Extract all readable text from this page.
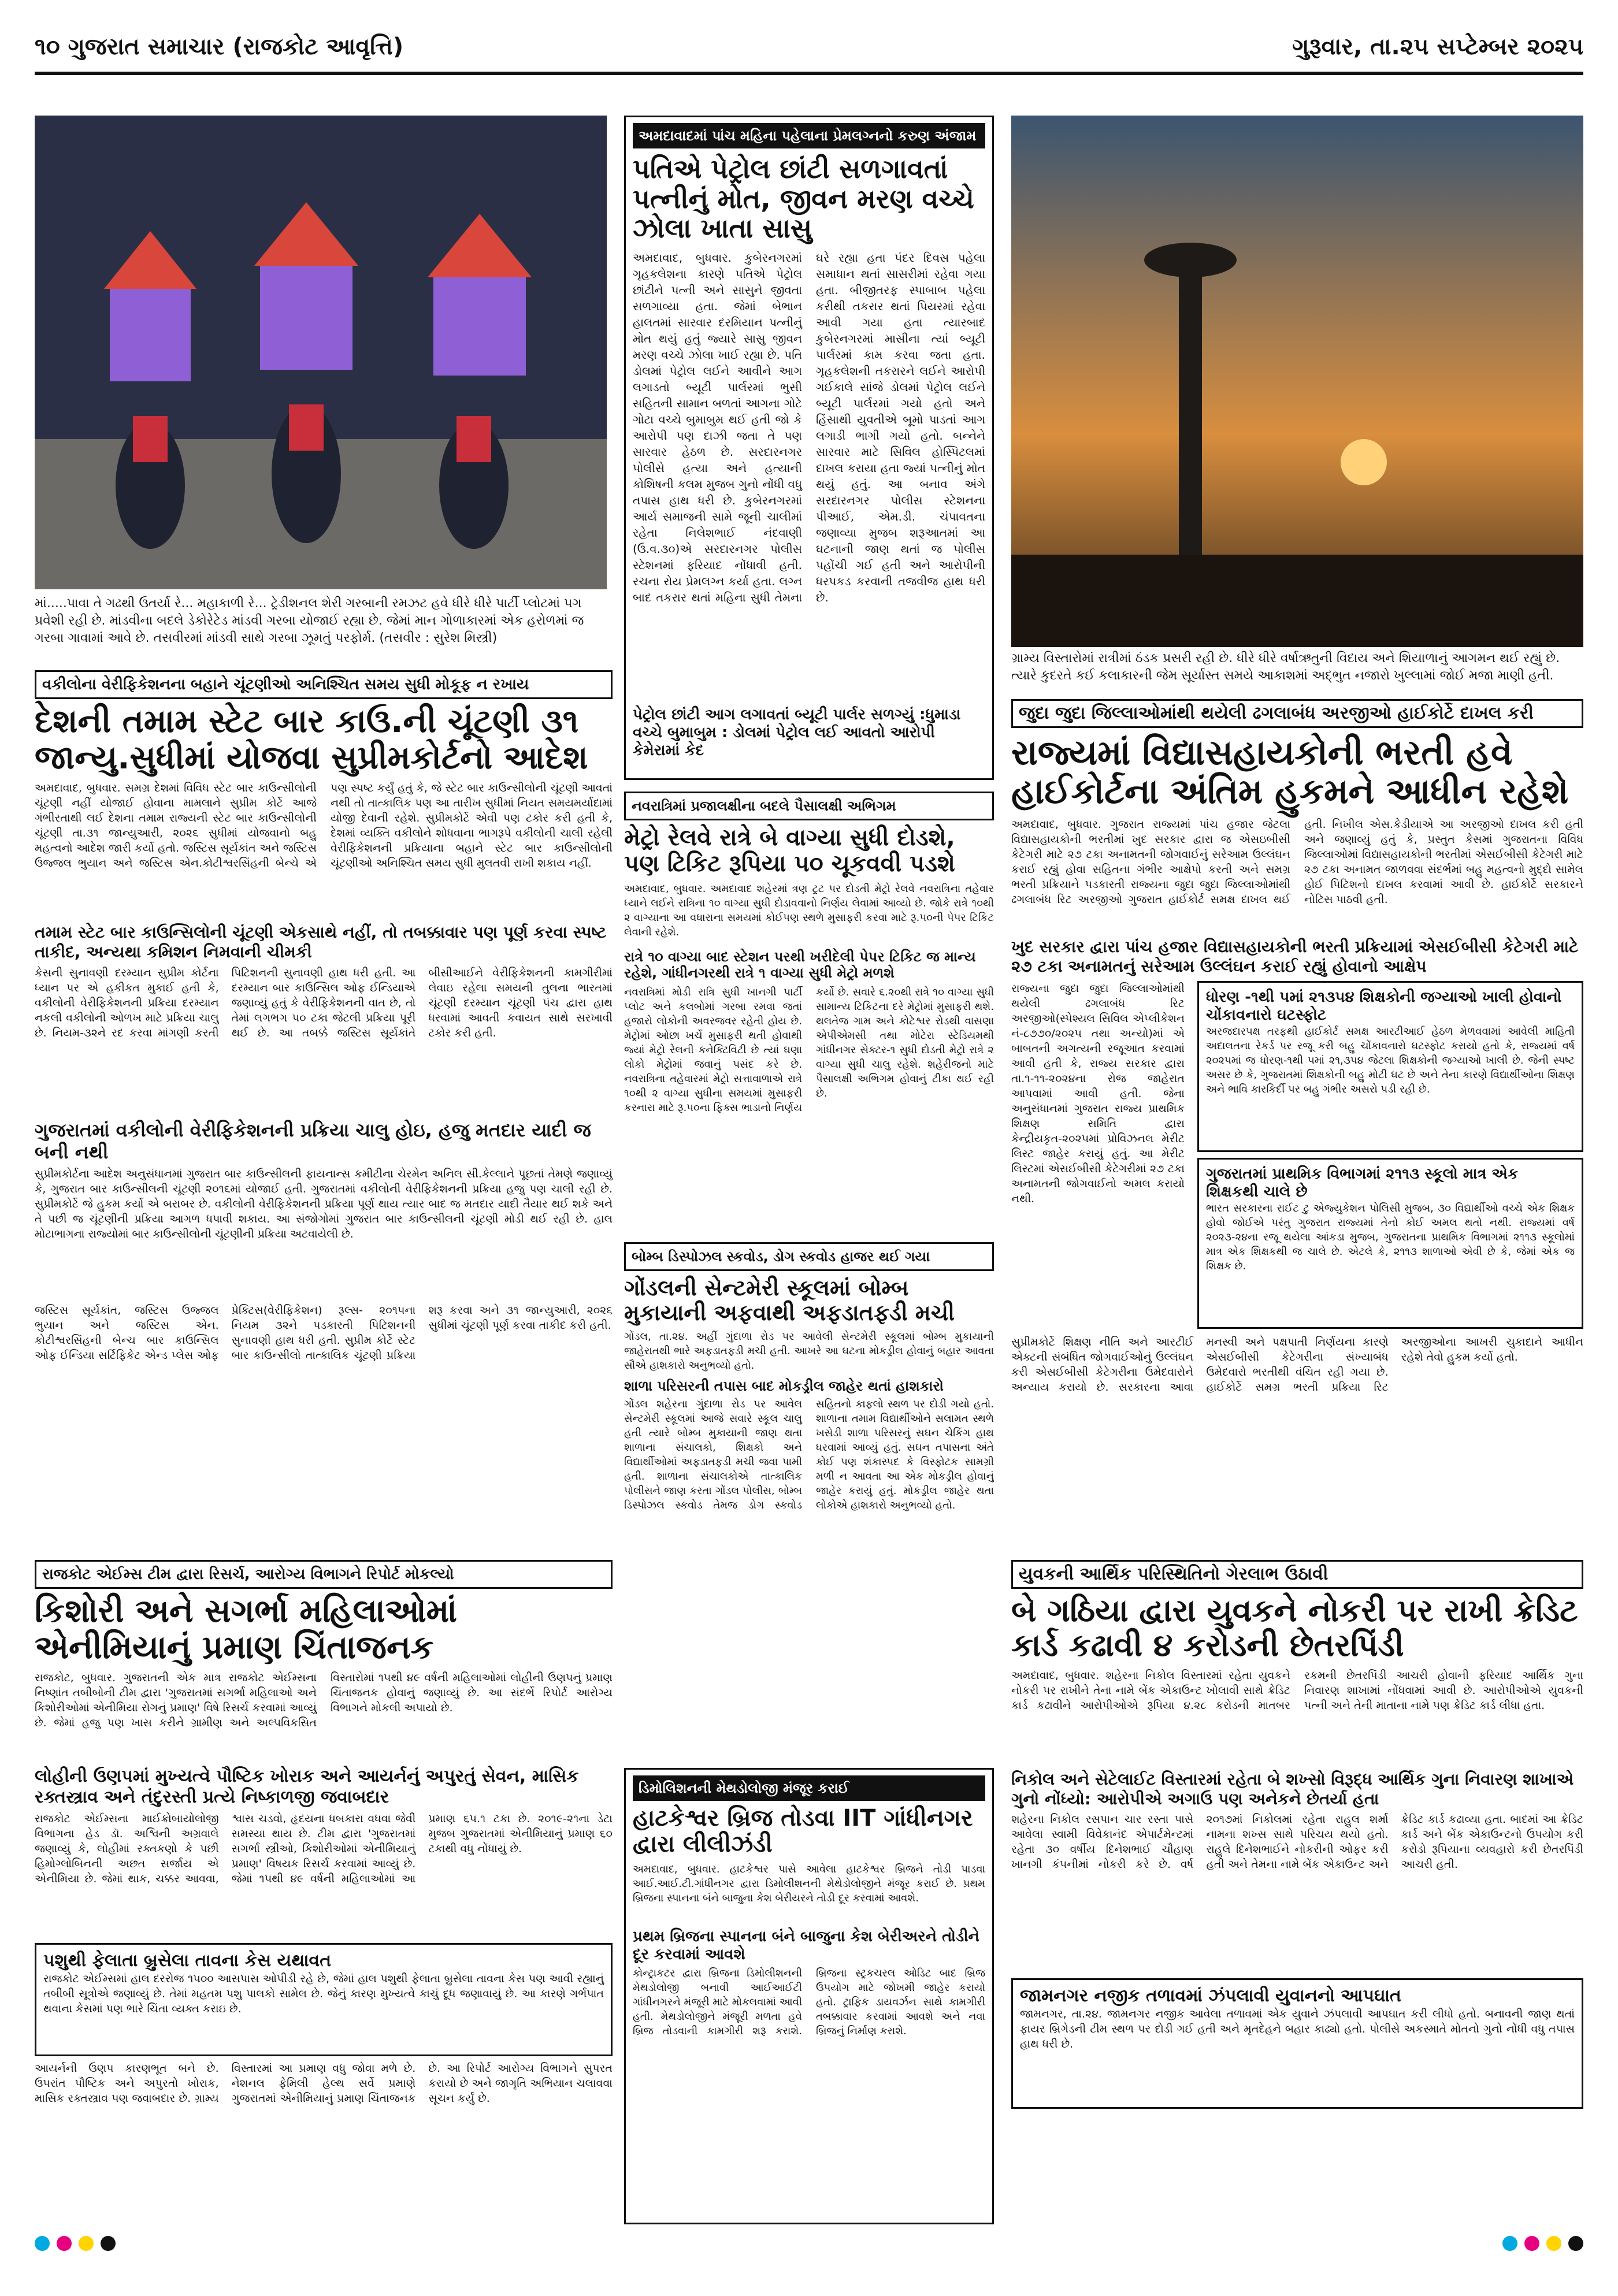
૧૦ ગુજરાત સમાચાર (રાજકોટ આવૃત્તિ)	ગુરૂવાર, તા.૨૫ સપ્ટેમ્બર ૨૦૨૫
માં.....પાવા તે ગઢથી ઉતર્યા રે... મહાકાળી રે... ટ્રેડીશનલ શેરી ગરબાની રમઝટ હવે ધીરે ધીરે પાર્ટી પ્લોટમાં પગ પ્રવેશી રહી છે. માંડવીના બદલે ડેકોરેટેડ માંડવી ગરબા યોજાઈ રહ્યા છે. જેમાં માન ગોળાકારમાં એક હરોળમાં જ ગરબા ગાવામાં આવે છે. તસવીરમાં માંડવી સાથે ગરબા ઝૂમતું પરફોર્મ. (તસવીર : સુરેશ મિસ્ત્રી)
અમદાવાદમાં પાંચ મહિના પહેલાના પ્રેમલગ્નનો કરુણ અંજામ
પતિએ પેટ્રોલ છાંટી સળગાવતાં પત્નીનું મોત, જીવન મરણ વચ્ચે ઝોલા ખાતા સાસુ
અમદાવાદ, બુધવાર. કુબેરનગરમાં ગૃહકલેશના કારણે પતિએ પેટ્રોલ છાંટીને પત્ની અને સાસુને જીવતા સળગાવ્યા હતા. જેમાં બેભાન હાલતમાં સારવાર દરમિયાન પત્નીનું મોત થયું હતું જ્યારે સાસુ જીવન મરણ વચ્ચે ઝોલા ખાઈ રહ્યા છે. પતિ ડોલમાં પેટ્રોલ લઈને આવીને આગ લગાડતો બ્યૂટી પાર્લરમાં ભુસી સહિતની સામાન બળતાં આગના ગોટે ગોટા વચ્ચે બુમાબુમ થઈ હતી જો કે આરોપી પણ દાઝી જતા તે પણ સારવાર હેઠળ છે. સરદારનગર પોલીસે હત્યા અને હત્યાની કોશિષની કલમ મુજબ ગુનો નોંધી વધુ તપાસ હાથ ધરી છે. કુબેરનગરમાં આર્ય સમાજની સામે જૂની ચાલીમાં રહેતા નિલેશભાઈ નંદવાણી (ઉ.વ.૩૦)એ સરદારનગર પોલીસ સ્ટેશનમાં ફરિયાદ નોંધાવી હતી. રચના રોય પ્રેમલગ્ન કર્યા હતા. લગ્ન બાદ તકરાર થતાં મહિના સુધી તેમના ઘરે રહ્યા હતા પંદર દિવસ પહેલા સમાધાન થતાં સાસરીમાં રહેવા ગયા હતા. બીજીતરફ સ્પાબાબ પહેલા કરીથી તકરાર થતાં પિયરમાં રહેવા આવી ગયા હતા ત્યારબાદ કુબેરનગરમાં માસીના ત્યાં બ્યૂટી પાર્લરમાં કામ કરવા જતા હતા. ગૃહકલેશની તકરારને લઈને આરોપી ગઈકાલે સાંજે ડોલમાં પેટ્રોલ લઈને બ્યૂટી પાર્લરમાં ગયો હતો અને હિંસાથી યુવતીએ બૂમો પાડતાં આગ લગાડી ભાગી ગયો હતો. બન્નેને સારવાર માટે સિવિલ હોસ્પિટલમાં દાખલ કરાયા હતા જ્યાં પત્નીનું મોત થયું હતું. આ બનાવ અંગે સરદારનગર પોલીસ સ્ટેશનના પીઆઈ, એમ.ડી. ચંપાવતના જણાવ્યા મુજબ શરૂઆતમાં આ ઘટનાની જાણ થતાં જ પોલીસ પહોંચી ગઈ હતી અને આરોપીની ધરપકડ કરવાની તજવીજ હાથ ધરી છે.
પેટ્રોલ છાંટી આગ લગાવતાં બ્યૂટી પાર્લર સળગ્યું :ધુમાડા વચ્ચે બુમાબુમ : ડોલમાં પેટ્રોલ લઈ આવતો આરોપી કેમેરામાં કેદ
ગ્રામ્ય વિસ્તારોમાં રાત્રીમાં ઠંડક પ્રસરી રહી છે. ધીરે ધીરે વર્ષાઋતુની વિદાય અને શિયાળાનું આગમન થઈ રહ્યું છે. ત્યારે કુદરતે કઈ કલાકારની જેમ સૂર્યાસ્ત સમયે આકાશમાં અદ્ભુત નજારો ખુલ્લામાં જોઈ મજા માણી હતી.
જુદા જુદા જિલ્લાઓમાંથી થયેલી ઢગલાબંધ અરજીઓ હાઈકોર્ટે દાખલ કરી
રાજ્યમાં વિદ્યાસહાયકોની ભરતી હવે હાઈકોર્ટના અંતિમ હુકમને આધીન રહેશે
અમદાવાદ, બુધવાર. ગુજરાત રાજ્યમાં પાંચ હજાર જેટલા વિદ્યાસહાયકોની ભરતીમાં ખુદ સરકાર દ્વારા જ એસઇબીસી કેટેગરી માટે ૨૭ ટકા અનામતની જોગવાઈનું સરેઆમ ઉલ્લંઘન કરાઈ રહ્યું હોવા સહિતના ગંભીર આક્ષેપો કરતી અને સમગ્ર ભરતી પ્રક્રિયાને પડકારતી રાજ્યના જુદા જુદા જિલ્લાઓમાંથી ઢગલાબંધ રિટ અરજીઓ ગુજરાત હાઈકોર્ટ સમક્ષ દાખલ થઈ હતી. નિખીલ એસ.કેડીયાએ આ અરજીઓ દાખલ કરી હતી અને જણાવ્યું હતું કે, પ્રસ્તુત કેસમાં ગુજરાતના વિવિધ જિલ્લાઓમાં વિદ્યાસહાયકોની ભરતીમાં એસઈબીસી કેટેગરી માટે ૨૭ ટકા અનામત જાળવવા સંદર્ભમાં બહુ મહત્વનો મુદ્દો સામેલ હોઈ પિટિશનો દાખલ કરવામાં આવી છે. હાઈકોર્ટે સરકારને નોટિસ પાઠવી હતી.
ખુદ સરકાર દ્વારા પાંચ હજાર વિદ્યાસહાયકોની ભરતી પ્રક્રિયામાં એસઈબીસી કેટેગરી માટે ૨૭ ટકા અનામતનું સરેઆમ ઉલ્લંઘન કરાઈ રહ્યું હોવાનો આક્ષેપ
રાજ્યના જુદા જુદા જિલ્લાઓમાંથી થયેલી ઢગલાબંધ રિટ અરજીઓ(સ્પેશ્યલ સિવિલ એપ્લીકેશન નં-૮૭૭૦/૨૦૨૫ તથા અન્યો)માં એ બાબતની અગત્યની રજૂઆત કરવામાં આવી હતી કે, રાજ્ય સરકાર દ્વારા તા.૧-૧૧-૨૦૨૪ના રોજ જાહેરાત આપવામાં આવી હતી. જેના અનુસંધાનમાં ગુજરાત રાજ્ય પ્રાથમિક શિક્ષણ સમિતિ દ્વારા કેન્દ્રીયકૃત-૨૦૨૫માં પ્રોવિઝનલ મેરીટ લિસ્ટ જાહેર કરાયું હતું. આ મેરીટ લિસ્ટમાં એસઈબીસી કેટેગરીમાં ૨૭ ટકા અનામતની જોગવાઈનો અમલ કરાયો નથી.
ધોરણ -૧થી ૫માં ૨૧૩૫૪ શિક્ષકોની જગ્યાઓ ખાલી હોવાનો ચોંકાવનારો ઘટસ્ફોટ
અરજદારપક્ષ તરફથી હાઈકોર્ટ સમક્ષ આરટીઆઈ હેઠળ મેળવવામાં આવેલી માહિતી અદાલતના રેકર્ડ પર રજૂ કરી બહુ ચોંકાવનારો ઘટસ્ફોટ કરાયો હતો કે, રાજ્યમાં વર્ષ ૨૦૨૫માં જ ધોરણ-૧થી ૫માં ૨૧,૩૫૪ જેટલા શિક્ષકોની જગ્યાઓ ખાલી છે. જેની સ્પષ્ટ અસર છે કે, ગુજરાતમાં શિક્ષકોની બહુ મોટી ઘટ છે અને તેના કારણે વિદ્યાર્થીઓના શિક્ષણ અને ભાવિ કારકિર્દી પર બહુ ગંભીર અસરો પડી રહી છે.
ગુજરાતમાં પ્રાથમિક વિભાગમાં ૨૧૧૩ સ્કૂલો માત્ર એક શિક્ષકથી ચાલે છે
ભારત સરકારના રાઈટ ટુ એજ્યુકેશન પોલિસી મુજબ, ૩૦ વિદ્યાર્થીઓ વચ્ચે એક શિક્ષક હોવો જોઈએ પરંતુ ગુજરાત રાજ્યમાં તેનો કોઈ અમલ થતો નથી. રાજ્યમાં વર્ષ ૨૦૨૩-૨૪ના રજૂ થયેલા આંકડા મુજબ, ગુજરાતના પ્રાથમિક વિભાગમાં ૨૧૧૩ સ્કૂલોમાં માત્ર એક શિક્ષકથી જ ચાલે છે. એટલે કે, ૨૧૧૩ શાળાઓ એવી છે કે, જેમાં એક જ શિક્ષક છે.
સુપ્રીમકોર્ટે શિક્ષણ નીતિ અને આરટીઈ એક્ટની સંબંધિત જોગવાઈઓનું ઉલ્લંઘન કરી એસઈબીસી કેટેગરીના ઉમેદવારોને અન્યાય કરાયો છે. સરકારના આવા મનસ્વી અને પક્ષપાતી નિર્ણયના કારણે એસઈબીસી કેટેગરીના સંખ્યાબંધ ઉમેદવારો ભરતીથી વંચિત રહી ગયા છે. હાઈકોર્ટે સમગ્ર ભરતી પ્રક્રિયા રિટ અરજીઓના આખરી ચુકાદાને આધીન રહેશે તેવો હુકમ કર્યો હતો.
વકીલોના વેરીફિકેશનના બહાને ચૂંટણીઓ અનિશ્ચિત સમય સુધી મોકૂફ ન રખાય
દેશની તમામ સ્ટેટ બાર કાઉ.ની ચૂંટણી ૩૧ જાન્યુ.સુધીમાં યોજવા સુપ્રીમકોર્ટનો આદેશ
અમદાવાદ, બુધવાર. સમગ્ર દેશમાં વિવિધ સ્ટેટ બાર કાઉન્સીલોની ચૂંટણી નહીં યોજાઈ હોવાના મામલાને સુપ્રીમ કોર્ટે આજે ગંભીરતાથી લઈ દેશના તમામ રાજ્યની સ્ટેટ બાર કાઉન્સીલોની ચૂંટણી તા.૩૧ જાન્યુઆરી, ૨૦૨૬ સુધીમાં યોજવાનો બહુ મહત્વનો આદેશ જારી કર્યો હતો. જસ્ટિસ સૂર્યકાંત અને જસ્ટિસ ઉજ્જલ ભુયાન અને જસ્ટિસ એન.કોટીશ્વરસિંહની બેન્ચે એ પણ સ્પષ્ટ કર્યું હતું કે, જે સ્ટેટ બાર કાઉન્સીલોની ચૂંટણી આવતાં નથી તો તાત્કાલિક પણ આ તારીખ સુધીમાં નિયત સમયમર્યાદામાં યોજી દેવાની રહેશે. સુપ્રીમકોર્ટે એવી પણ ટકોર કરી હતી કે, દેશમાં વ્યક્તિ વકીલોને શોધવાના ભાગરૂપે વકીલોની ચાલી રહેલી વેરીફિકેશનની પ્રક્રિયાના બહાને સ્ટેટ બાર કાઉન્સીલોની ચૂંટણીઓ અનિશ્ચિત સમય સુધી મુલતવી રાખી શકાય નહીં.
તમામ સ્ટેટ બાર કાઉન્સિલોની ચૂંટણી એકસાથે નહીં, તો તબક્કાવાર પણ પૂર્ણ કરવા સ્પષ્ટ તાકીદ, અન્યથા કમિશન નિમવાની ચીમકી
કેસની સુનાવણી દરમ્યાન સુપ્રીમ કોર્ટના ધ્યાન પર એ હકીકત મુકાઈ હતી કે, વકીલોની વેરીફિકેશનની પ્રક્રિયા દરમ્યાન નકલી વકીલોની ઓળખ માટે પ્રક્રિયા ચાલુ છે. નિયમ-૩૨ને રદ કરવા માંગણી કરતી પિટિશનની સુનાવણી હાથ ધરી હતી. આ દરમ્યાન બાર કાઉન્સિલ ઓફ ઈન્ડિયાએ જણાવ્યું હતું કે વેરીફિકેશનની વાત છે, તો તેમાં લગભગ ૫૦ ટકા જેટલી પ્રક્રિયા પૂરી થઈ છે. આ તબક્કે જસ્ટિસ સૂર્યકાંતે બીસીઆઈને વેરીફિકેશનની કામગીરીમાં લેવાઇ રહેલા સમયની તુલના ભારતમાં ચૂંટણી દરમ્યાન ચૂંટણી પંચ દ્વારા હાથ ધરવામાં આવતી કવાયત સાથે સરખાવી ટકોર કરી હતી.
ગુજરાતમાં વકીલોની વેરીફિકેશનની પ્રક્રિયા ચાલુ હોઇ, હજુ મતદાર યાદી જ બની નથી
સુપ્રીમકોર્ટના આદેશ અનુસંધાનમાં ગુજરાત બાર કાઉન્સીલની ફાયનાન્સ કમીટીના ચેરમેન અનિલ સી.કેલ્લાને પૂછતાં તેમણે જણાવ્યું કે, ગુજરાત બાર કાઉન્સીલની ચૂંટણી ૨૦૧૬માં યોજાઈ હતી. ગુજરાતમાં વકીલોની વેરીફિકેશનની પ્રક્રિયા હજુ પણ ચાલી રહી છે. સુપ્રીમકોર્ટે જે હુકમ કર્યો એ બરાબર છે. વકીલોની વેરીફિકેશનની પ્રક્રિયા પૂર્ણ થાય ત્યાર બાદ જ મતદાર યાદી તૈયાર થઈ શકે અને તે પછી જ ચૂંટણીની પ્રક્રિયા આગળ ધપાવી શકાય. આ સંજોગોમાં ગુજરાત બાર કાઉન્સીલની ચૂંટણી મોડી થઈ રહી છે. હાલ મોટાભાગના રાજ્યોમાં બાર કાઉન્સીલોની ચૂંટણીની પ્રક્રિયા અટવાયેલી છે.
જસ્ટિસ સૂર્યકાંત, જસ્ટિસ ઉજ્જલ ભુયાન અને જસ્ટિસ એન. કોટીશ્વરસિંહની બેન્ચ બાર કાઉન્સિલ ઓફ ઈન્ડિયા સર્ટિફિકેટ એન્ડ પ્લેસ ઓફ પ્રેક્ટિસ(વેરીફિકેશન) રૂલ્સ- ૨૦૧૫ના નિયમ ૩૨ને પડકારતી પિટિશનની સુનાવણી હાથ ધરી હતી. સુપ્રીમ કોર્ટે સ્ટેટ બાર કાઉન્સીલો તાત્કાલિક ચૂંટણી પ્રક્રિયા શરૂ કરવા અને ૩૧ જાન્યુઆરી, ૨૦૨૬ સુધીમાં ચૂંટણી પૂર્ણ કરવા તાકીદ કરી હતી.
નવરાત્રિમાં પ્રજાલક્ષીના બદલે પૈસાલક્ષી અભિગમ
મેટ્રો રેલવે રાત્રે બે વાગ્યા સુધી દોડશે, પણ ટિકિટ રૂપિયા ૫૦ ચૂકવવી પડશે
અમદાવાદ, બુધવાર. અમદાવાદ શહેરમાં ત્રણ ટ્રટ પર દોડતી મેટ્રો રેલવે નવરાત્રિના તહેવાર ધ્યાને લઈને રાત્રિના ૧૦ વાગ્યા સુધી દોડાવવાનો નિર્ણય લેવામાં આવ્યો છે. જોકે રાત્રે ૧૦થી ૨ વાગ્યાના આ વધારાના સમયમાં કોઈપણ સ્થળે મુસાફરી કરવા માટે રૂ.૫૦ની પેપર ટિકિટ લેવાની રહેશે.
રાત્રે ૧૦ વાગ્યા બાદ સ્ટેશન પરથી ખરીદેલી પેપર ટિકિટ જ માન્ય રહેશે, ગાંધીનગરથી રાત્રે ૧ વાગ્યા સુધી મેટ્રો મળશે
નવરાત્રિમાં મોડી રાત્રિ સુધી ખાનગી પાર્ટી પ્લોટ અને કલબોમાં ગરબા રમવા જતાં હજારો લોકોની અવરજવર રહેતી હોય છે. મેટ્રોમાં ઓછા ખર્ચે મુસાફરી થતી હોવાથી જ્યાં મેટ્રો રેલની કનેક્ટિવિટી છે ત્યાં ઘણા લોકો મેટ્રોમાં જવાનું પસંદ કરે છે. નવરાત્રિના તહેવારમાં મેટ્રો સત્તાવાળાએ રાત્રે ૧૦થી ૨ વાગ્યા સુધીના સમયમાં મુસાફરી કરનારા માટે રૂ.૫૦ના ફિક્સ ભાડાનો નિર્ણય કર્યો છે. સવારે ૬.૨૦થી રાત્રે ૧૦ વાગ્યા સુધી સામાન્ય ટિકિટના દરે મેટ્રોમાં મુસાફરી થશે. થલતેજ ગામ અને કોટેશ્વર રોડથી વાસણા એપીએમસી તથા મોટેરા સ્ટેડિયમથી ગાંધીનગર સેક્ટર-૧ સુધી દોડતી મેટ્રો રાત્રે ૨ વાગ્યા સુધી ચાલુ રહેશે. શહેરીજનો માટે પૈસાલક્ષી અભિગમ હોવાનું ટીકા થઈ રહી છે.
બોમ્બ ડિસ્પોઝલ સ્કવોડ, ડોગ સ્કવોડ હાજર થઈ ગયા
ગોંડલની સેન્ટમેરી સ્કૂલમાં બોમ્બ મુકાયાની અફવાથી અફડાતફડી મચી
ગોંડલ, તા.૨૪. અહીં ગુંદાળા રોડ પર આવેલી સેન્ટમેરી સ્કૂલમાં બોમ્બ મુકાયાની જાહેરાતથી ભારે અફડાતફડી મચી હતી. આખરે આ ઘટના મોકડ્રીલ હોવાનું બહાર આવતા સૌએ હાશકારો અનુભવ્યો હતો.
શાળા પરિસરની તપાસ બાદ મોકડ્રીલ જાહેર થતાં હાશકારો
ગોંડલ શહેરના ગુંદાળા રોડ પર આવેલ સેન્ટમેરી સ્કૂલમાં આજે સવારે સ્કૂલ ચાલુ હતી ત્યારે બોમ્બ મુકાયાની જાણ થતા શાળાના સંચાલકો, શિક્ષકો અને વિદ્યાર્થીઓમાં અફડાતફડી મચી જવા પામી હતી. શાળાના સંચાલકોએ તાત્કાલિક પોલીસને જાણ કરતા ગોંડલ પોલીસ, બોમ્બ ડિસ્પોઝલ સ્કવોડ તેમજ ડોગ સ્કવોડ સહિતનો કાફલો સ્થળ પર દોડી ગયો હતો. શાળાના તમામ વિદ્યાર્થીઓને સલામત સ્થળે ખસેડી શાળા પરિસરનું સઘન ચેકિંગ હાથ ધરવામાં આવ્યું હતું. સઘન તપાસના અંતે કોઈ પણ શંકાસ્પદ કે વિસ્ફોટક સામગ્રી મળી ન આવતા આ એક મોકડ્રીલ હોવાનું જાહેર કરાયું હતું. મોકડ્રીલ જાહેર થતા લોકોએ હાશકારો અનુભવ્યો હતો.
રાજકોટ એઈમ્સ ટીમ દ્વારા રિસર્ચ, આરોગ્ય વિભાગને રિપોર્ટ મોકલ્યો
કિશોરી અને સગર્ભા મહિલાઓમાં એનીમિયાનું પ્રમાણ ચિંતાજનક
રાજકોટ, બુધવાર. ગુજરાતની એક માત્ર રાજકોટ એઈમ્સના નિષ્ણાંત તબીબોની ટીમ દ્વારા 'ગુજરાતમાં સગર્ભા મહિલાઓ અને કિશોરીઓમાં એનીમિયા રોગનું પ્રમાણ' વિષે રિસર્ચ કરવામાં આવ્યું છે. જેમાં હજુ પણ ખાસ કરીને ગ્રામીણ અને અલ્પવિકસિત વિસ્તારોમાં ૧૫થી ૪૯ વર્ષની મહિલાઓમાં લોહીની ઉણપનું પ્રમાણ ચિંતાજનક હોવાનું જણાવ્યું છે. આ સંદર્ભે રિપોર્ટ આરોગ્ય વિભાગને મોકલી અપાયો છે.
લોહીની ઉણપમાં મુખ્યત્વે પૌષ્ટિક ખોરાક અને આયર્નનું અપુરતું સેવન, માસિક રક્તસ્ત્રાવ અને તંદુરસ્તી પ્રત્યે નિષ્કાળજી જવાબદાર
રાજકોટ એઈમ્સના માઈક્રોબાયોલોજી વિભાગના હેડ ડૉ. અશ્વિની અગ્રવાલે જણાવ્યું કે, લોહીમાં રક્તકણો કે પછી હિમોગ્લોબિનની અછત સર્જાય એ એનીમિયા છે. જેમાં થાક, ચક્કર આવવા, શ્વાસ ચડવો, હૃદયના ધબકારા વધવા જેવી સમસ્યા થાય છે. ટીમ દ્વારા 'ગુજરાતમાં સગર્ભા સ્ત્રીઓ, કિશોરીઓમાં એનીમિયાનું પ્રમાણ' વિષયક રિસર્ચ કરવામાં આવ્યું છે. જેમાં ૧૫થી ૪૯ વર્ષની મહિલાઓમાં આ પ્રમાણ ૬૫.૧ ટકા છે. ૨૦૧૯-૨૧ના ડેટા મુજબ ગુજરાતમાં એનીમિયાનું પ્રમાણ ૬૦ ટકાથી વધુ નોંધાયું છે.
પશુથી ફેલાતા બ્રુસેલા તાવના કેસ યથાવત
રાજકોટ એઈમ્સમાં હાલ દરરોજ ૧૫૦૦ આસપાસ ઓપીડી રહે છે, જેમાં હાલ પશુથી ફેલાતા બ્રુસેલા તાવના કેસ પણ આવી રહ્યાનું તબીબી સૂત્રોએ જણાવ્યું છે. તેમાં મહતમ પશુ પાલકો સામેલ છે. જેનું કારણ મુખ્યત્વે કાચું દૂધ જણાવાયું છે. આ કારણે ગર્ભપાત થવાના કેસમાં પણ ભારે ચિંતા વ્યક્ત કરાઇ છે.
આયર્નની ઉણપ કારણભૂત બને છે. ઉપરાંત પૌષ્ટિક અને અપુરતો ખોરાક, માસિક રક્તસ્ત્રાવ પણ જવાબદાર છે. ગ્રામ્ય વિસ્તારમાં આ પ્રમાણ વધુ જોવા મળે છે. નેશનલ ફેમિલી હેલ્થ સર્વે પ્રમાણે ગુજરાતમાં એનીમિયાનું પ્રમાણ ચિંતાજનક છે. આ રિપોર્ટ આરોગ્ય વિભાગને સુપરત કરાયો છે અને જાગૃતિ અભિયાન ચલાવવા સૂચન કર્યું છે.
ડિમોલિશનની મેથડોલોજી મંજૂર કરાઈ
હાટકેશ્વર બ્રિજ તોડવા IIT ગાંધીનગર દ્વારા લીલીઝંડી
અમદાવાદ, બુધવાર. હાટકેશ્વર પાસે આવેલા હાટકેશ્વર બ્રિજને તોડી પાડવા આઈ.આઈ.ટી.ગાંધીનગર દ્વારા ડિમોલીશનની મેથેડોલોજીને મંજૂર કરાઈ છે. પ્રથમ બ્રિજના સ્પાનના બંને બાજુના કેશ બેરીયરને તોડી દૂર કરવામાં આવશે.
પ્રથમ બ્રિજના સ્પાનના બંને બાજુના કેશ બેરીઅરને તોડીને દૂર કરવામાં આવશે
કોન્ટ્રાકટર દ્વારા બ્રિજના ડિમોલીશનની મેથડોલોજી બનાવી આઈઆઈટી ગાંધીનગરને મંજૂરી માટે મોકલવામાં આવી હતી. મેથડોલોજીને મંજૂરી મળતા હવે બ્રિજ તોડવાની કામગીરી શરૂ કરાશે. બ્રિજના સ્ટ્રકચરલ ઓડિટ બાદ બ્રિજ ઉપયોગ માટે જોખમી જાહેર કરાયો હતો. ટ્રાફિક ડાયવર્ઝન સાથે કામગીરી તબક્કાવાર કરવામાં આવશે અને નવા બ્રિજનું નિર્માણ કરાશે.
યુવકની આર્થિક પરિસ્થિતિનો ગેરલાભ ઉઠાવી
બે ગઠિયા દ્વારા યુવકને નોકરી પર રાખી ક્રેડિટ કાર્ડ કઢાવી ૪ કરોડની છેતરપિંડી
અમદાવાદ, બુધવાર. શહેરના નિકોલ વિસ્તારમાં રહેતા યુવકને નોકરી પર રાખીને તેના નામે બેંક એકાઉન્ટ ખોલાવી સાથે ક્રેડિટ કાર્ડ કઢાવીને આરોપીઓએ રૂપિયા ૪.૨૮ કરોડની માતબર રકમની છેતરપિંડી આચરી હોવાની ફરિયાદ આર્થિક ગુના નિવારણ શાખામાં નોંધવામાં આવી છે. આરોપીઓએ યુવકની પત્ની અને તેની માતાના નામે પણ ક્રેડિટ કાર્ડ લીધા હતા.
નિકોલ અને સેટેલાઈટ વિસ્તારમાં રહેતા બે શખ્સો વિરૂદ્ધ આર્થિક ગુના નિવારણ શાખાએ ગુનો નોંધ્યો: આરોપીએ અગાઉ પણ અનેકને છેતર્યા હતા
શહેરના નિકોલ રસપાન ચાર રસ્તા પાસે આવેલા સ્વામી વિવેકાનંદ એપાર્ટમેન્ટમાં રહેતા ૩૦ વર્ષીય દિનેશભાઈ ચૌહાણ ખાનગી કંપનીમાં નોકરી કરે છે. વર્ષ ૨૦૧૭માં નિકોલમાં રહેતા રાહુલ શર્મા નામના શખ્સ સાથે પરિચય થયો હતો. રાહુલે દિનેશભાઈને નોકરીની ઓફર કરી હતી અને તેમના નામે બેંક એકાઉન્ટ અને ક્રેડિટ કાર્ડ કઢાવ્યા હતા. બાદમાં આ ક્રેડિટ કાર્ડ અને બેંક એકાઉન્ટનો ઉપયોગ કરી કરોડો રૂપિયાના વ્યવહારો કરી છેતરપિંડી આચરી હતી.
જામનગર નજીક તળાવમાં ઝંપલાવી યુવાનનો આપઘાત
જામનગર, તા.૨૪. જામનગર નજીક આવેલા તળાવમાં એક યુવાને ઝંપલાવી આપઘાત કરી લીધો હતો. બનાવની જાણ થતાં ફાયર બ્રિગેડની ટીમ સ્થળ પર દોડી ગઈ હતી અને મૃતદેહને બહાર કાઢ્યો હતો. પોલીસે અકસ્માતે મોતનો ગુનો નોંધી વધુ તપાસ હાથ ધરી છે.
